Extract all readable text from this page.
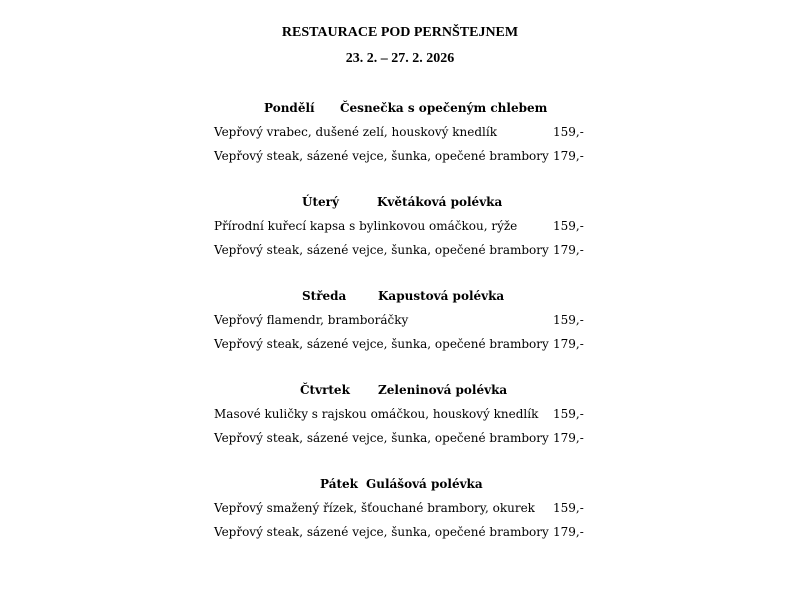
RESTAURACE POD PERNŠTEJNEM
23. 2. – 27. 2. 2026
Pondělí Česnečka s opečeným chlebem
Vepřový vrabec, dušené zelí, houskový knedlík	159,-
Vepřový steak, sázené vejce, šunka, opečené brambory 179,-
Úterý	Květáková polévka
Přírodní kuřecí kapsa s bylinkovou omáčkou, rýže	159,-
Vepřový steak, sázené vejce, šunka, opečené brambory 179,-
Středa	Kapustová polévka
Vepřový flamendr, bramboráčky	159,-
Vepřový steak, sázené vejce, šunka, opečené brambory 179,-
Čtvrtek Zeleninová polévka
Masové kuličky s rajskou omáčkou, houskový knedlík 159,-
Vepřový steak, sázené vejce, šunka, opečené brambory 179,-
Pátek Gulášová polévka
Vepřový smažený řízek, šťouchané brambory, okurek 159,-
Vepřový steak, sázené vejce, šunka, opečené brambory 179,-
